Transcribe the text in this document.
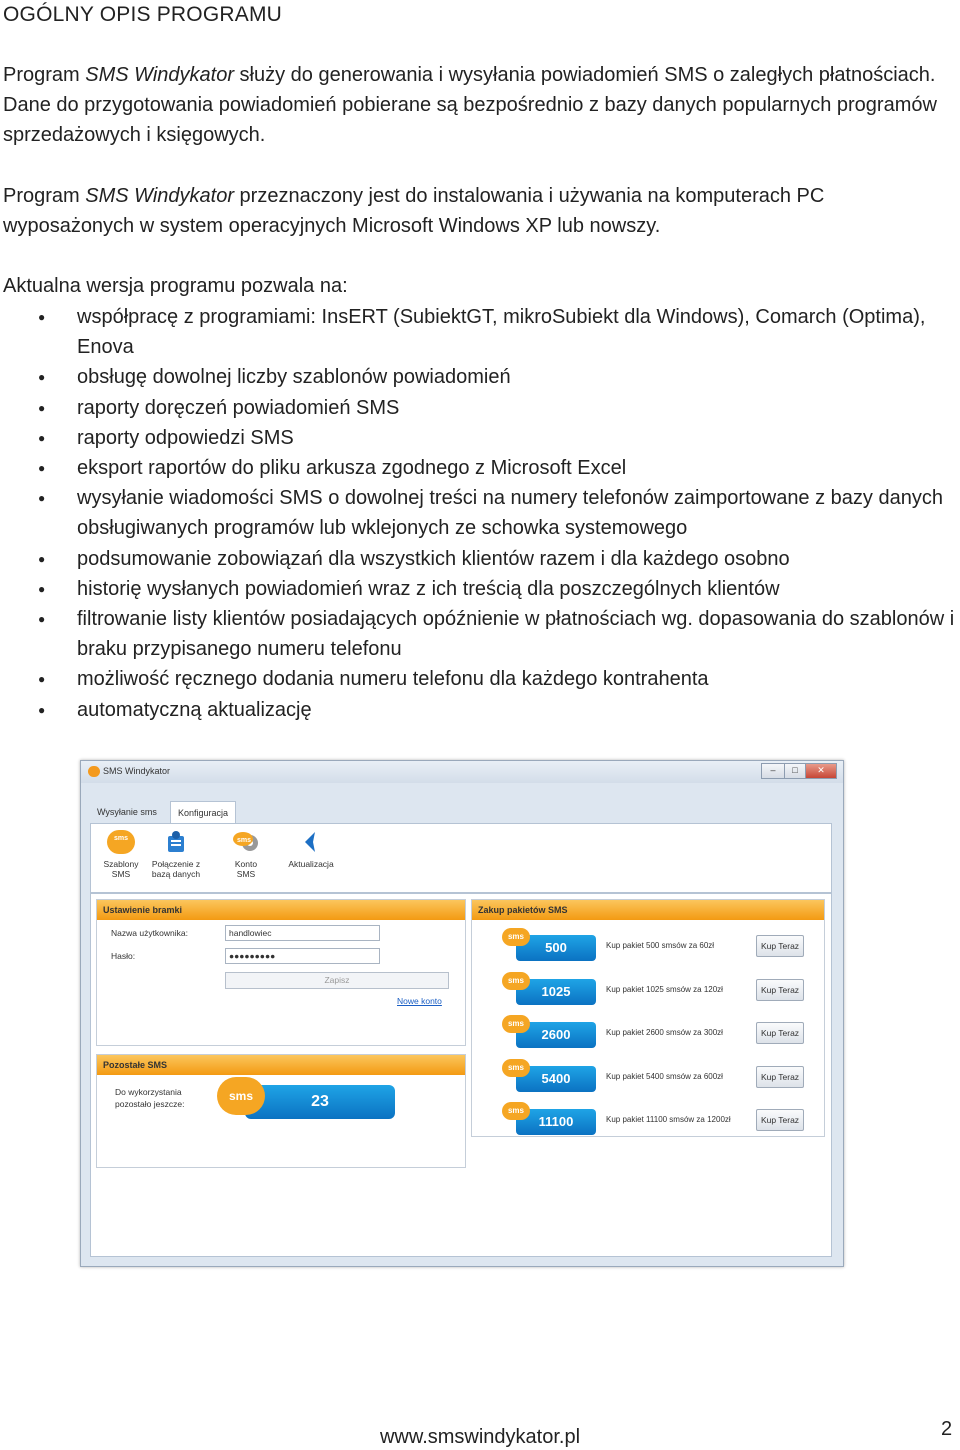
OGÓLNY OPIS PROGRAMU

Program SMS Windykator służy do generowania i wysyłania powiadomień SMS o zaległych płatnościach. Dane do przygotowania powiadomień pobierane są bezpośrednio z bazy danych popularnych programów sprzedażowych i księgowych.

Program SMS Windykator przeznaczony jest do instalowania i używania na komputerach PC wyposażonych w system operacyjnych Microsoft Windows XP lub nowszy.

Aktualna wersja programu pozwala na:

● współpracę z programiami: InsERT (SubiektGT, mikroSubiekt dla Windows), Comarch (Optima), Enova
● obsługę dowolnej liczby szablonów powiadomień
● raporty doręczeń powiadomień SMS
● raporty odpowiedzi SMS
● eksport raportów do pliku arkusza zgodnego z Microsoft Excel
● wysyłanie wiadomości SMS o dowolnej treści na numery telefonów zaimportowane z bazy danych obsługiwanych programów lub wklejonych ze schowka systemowego
● podsumowanie zobowiązań dla wszystkich klientów razem i dla każdego osobno
● historię wysłanych powiadomień wraz z ich treścią dla poszczególnych klientów
● filtrowanie listy klientów posiadających opóźnienie w płatnościach wg. dopasowania do szablonów i braku przypisanego numeru telefonu
● możliwość ręcznego dodania numeru telefonu dla każdego kontrahenta
● automatyczną aktualizację
SMS Windykator	–	□	✕
Wysyłanie sms	Konfiguracja
sms
Szablony
SMS
Połączenie z
bazą danych
sms
Konto
SMS
Aktualizacja
Ustawienie bramki
Nazwa użytkownika:	handlowiec
Hasło:	●●●●●●●●●
Zapisz
Nowe konto
Pozostałe SMS
Do wykorzystania
pozostało jeszcze:	23
sms
Zakup pakietów SMS
500
sms
Kup pakiet 500 smsów za 60zł	Kup Teraz
1025
sms
Kup pakiet 1025 smsów za 120zł	Kup Teraz
2600
sms
Kup pakiet 2600 smsów za 300zł	Kup Teraz
5400
sms
Kup pakiet 5400 smsów za 600zł	Kup Teraz
11100
sms
Kup pakiet 11100 smsów za 1200zł	Kup Teraz
www.smswindykator.pl	2
